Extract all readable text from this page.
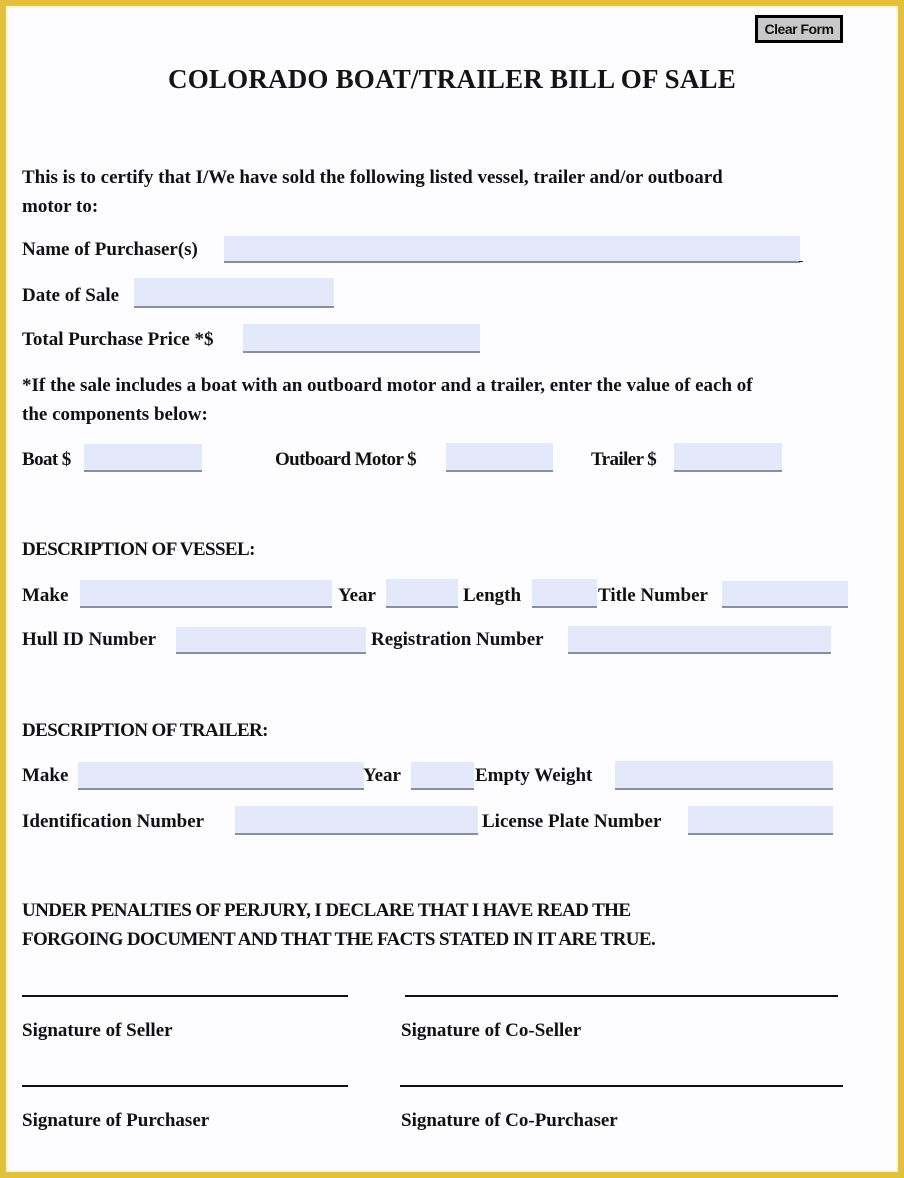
Clear Form
COLORADO BOAT/TRAILER BILL OF SALE
This is to certify that I/We have sold the following listed vessel, trailer and/or outboard
motor to:
Name of Purchaser(s)
Date of Sale
Total Purchase Price *$
*If the sale includes a boat with an outboard motor and a trailer, enter the value of each of
the components below:
Boat $	Outboard Motor $	Trailer $
DESCRIPTION OF VESSEL:
Make	Year	Length	Title Number
Hull ID Number	Registration Number
DESCRIPTION OF TRAILER:
Make	Year	Empty Weight
Identification Number	License Plate Number
UNDER PENALTIES OF PERJURY, I DECLARE THAT I HAVE READ THE
FORGOING DOCUMENT AND THAT THE FACTS STATED IN IT ARE TRUE.
Signature of Seller	Signature of Co-Seller
Signature of Purchaser	Signature of Co-Purchaser
